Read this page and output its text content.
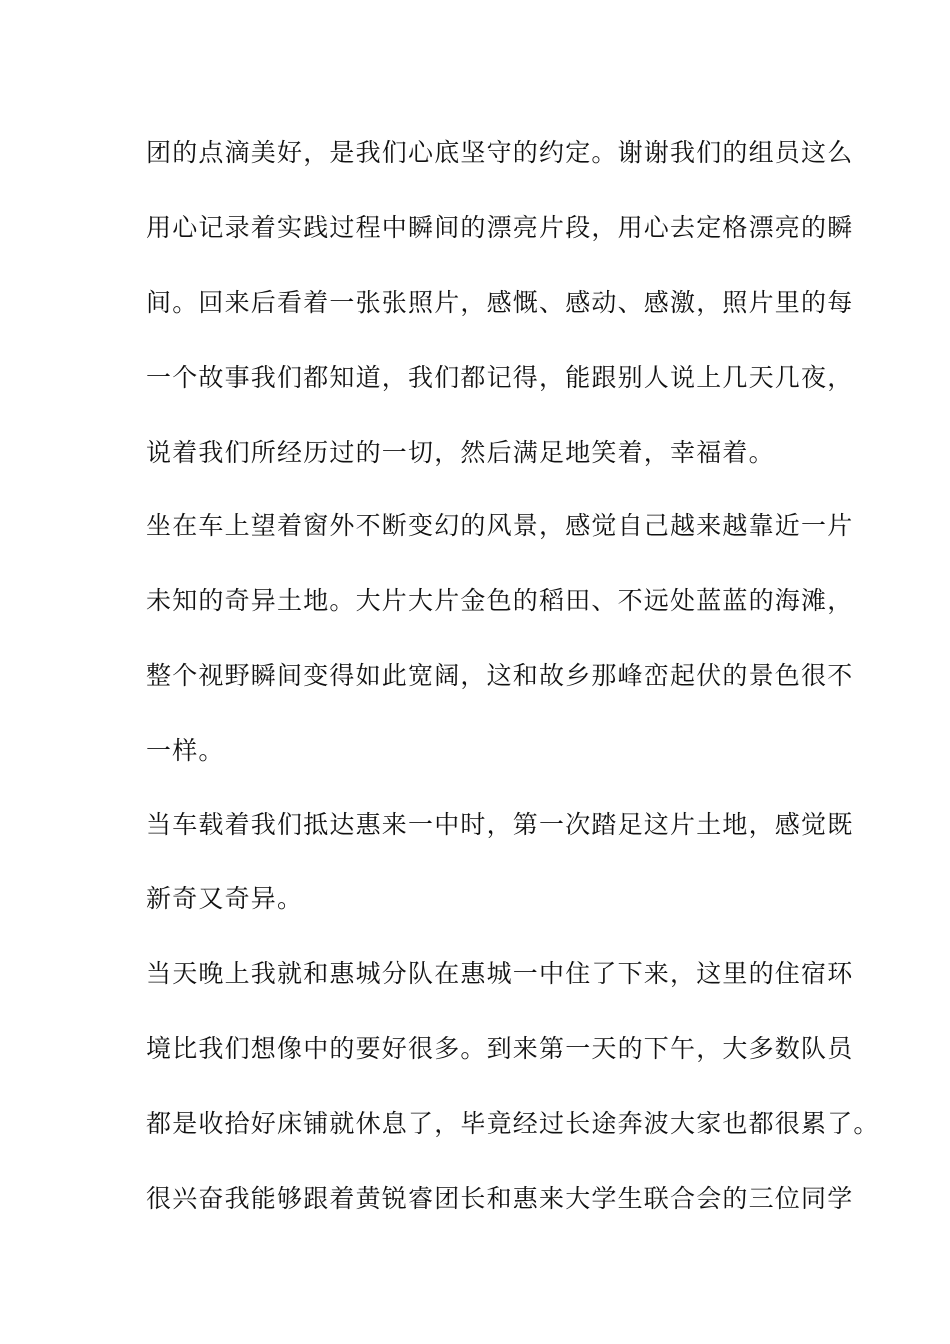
团的点滴美好，是我们心底坚守的约定。谢谢我们的组员这么
用心记录着实践过程中瞬间的漂亮片段，用心去定格漂亮的瞬
间。回来后看着一张张照片，感慨、感动、感激，照片里的每
一个故事我们都知道，我们都记得，能跟别人说上几天几夜，
说着我们所经历过的一切，然后满足地笑着，幸福着。
坐在车上望着窗外不断变幻的风景，感觉自己越来越靠近一片
未知的奇异土地。大片大片金色的稻田、不远处蓝蓝的海滩，
整个视野瞬间变得如此宽阔，这和故乡那峰峦起伏的景色很不
一样。
当车载着我们抵达惠来一中时，第一次踏足这片土地，感觉既
新奇又奇异。
当天晚上我就和惠城分队在惠城一中住了下来，这里的住宿环
境比我们想像中的要好很多。到来第一天的下午，大多数队员
都是收拾好床铺就休息了，毕竟经过长途奔波大家也都很累了。
很兴奋我能够跟着黄锐睿团长和惠来大学生联合会的三位同学
